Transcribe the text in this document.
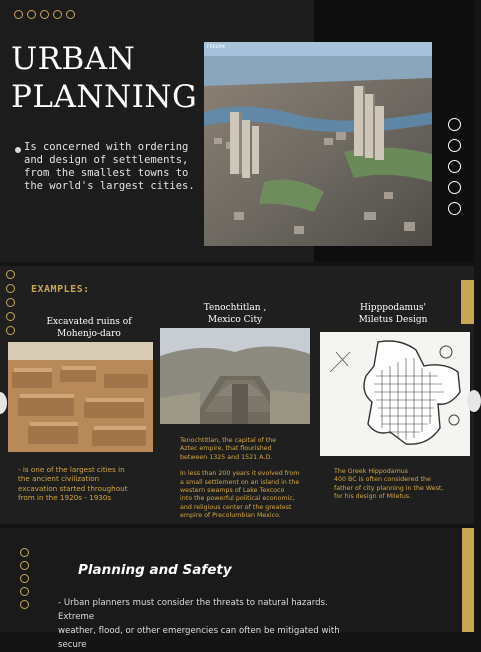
URBAN
PLANNING
Is concerned with ordering and design of settlements, from the smallest towns to the world's largest cities.
FREEPIK
EXAMPLES:
Excavated ruins of
Mohenjo-daro
- is one of the largest cities in
the ancient civilization
excavation started throughout
from in the 1920s - 1930s
Tenochtitlan ,
Mexico City
Tenochtitlan, the capital of the
Aztec empire, that flourished
between 1325 and 1521 A.D.
In less than 200 years it evolved from
a small settlement on an island in the
western swamps of Lake Texcoco
into the powerful political economic,
and religious center of the greatest
empire of Precolumbian Mexico.
Hipppodamus'
Miletus Design
The Greek Hippodamus
400 BC is often considered the
father of city planning in the West,
for his design of Miletus.
Planning and Safety
- Urban planners must consider the threats to natural hazards. Extreme
weather, flood, or other emergencies can often be mitigated with secure
